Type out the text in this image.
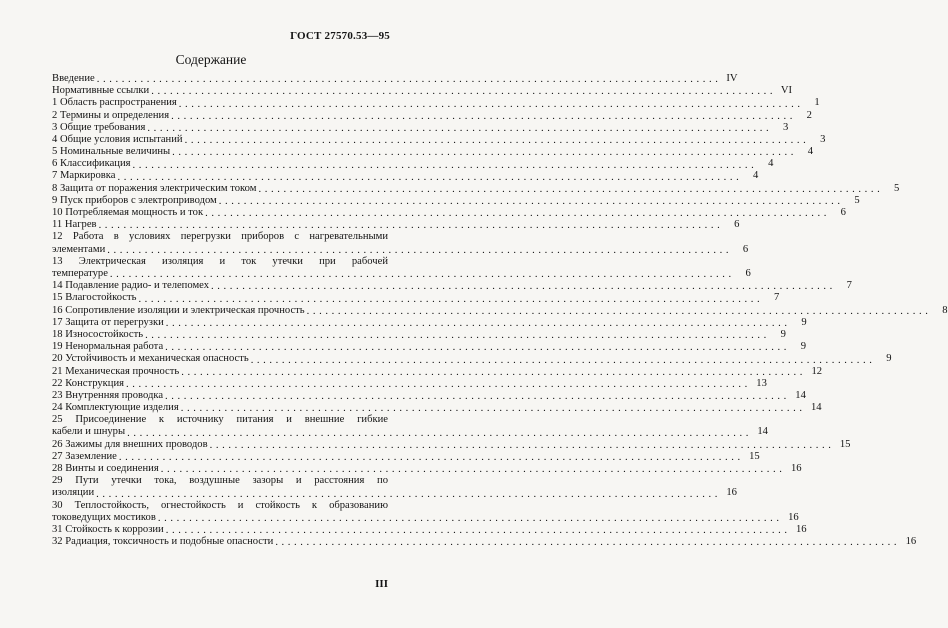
ГОСТ 27570.53—95
Содержание
Введение .................................................................................................... IV
Нормативные ссылки .................................................................................................... VI
1 Область распространения ....................................................................................................	1
2 Термины и определения ....................................................................................................	2
3 Общие требования ....................................................................................................	3
4 Общие условия испытаний ....................................................................................................	3
5 Номинальные величины ....................................................................................................	4
6 Классификация ....................................................................................................	4
7 Маркировка ....................................................................................................	4
8 Защита от поражения электрическим током ....................................................................................................	5
9 Пуск приборов с электроприводом ....................................................................................................	5
10 Потребляемая мощность и ток ....................................................................................................	6
11 Нагрев ....................................................................................................	6
12 Работа в условиях перегрузки приборов с нагревательными
элементами ....................................................................................................	6
13 Электрическая изоляция и ток утечки при рабочей
температуре ....................................................................................................	6
14 Подавление радио- и телепомех ....................................................................................................	7
15 Влагостойкость ....................................................................................................	7
16 Сопротивление изоляции и электрическая прочность ....................................................................................................	8
17 Защита от перегрузки ....................................................................................................	9
18 Износостойкость ....................................................................................................	9
19 Ненормальная работа ....................................................................................................	9
20 Устойчивость и механическая опасность ....................................................................................................	9
21 Механическая прочность .................................................................................................... 12
22 Конструкция .................................................................................................... 13
23 Внутренняя проводка .................................................................................................... 14
24 Комплектующие изделия .................................................................................................... 14
25 Присоединение к источнику питания и внешние гибкие
кабели и шнуры .................................................................................................... 14
26 Зажимы для внешних проводов .................................................................................................... 15
27 Заземление .................................................................................................... 15
28 Винты и соединения .................................................................................................... 16
29 Пути утечки тока, воздушные зазоры и расстояния по
изоляции .................................................................................................... 16
30 Теплостойкость, огнестойкость и стойкость к образованию
токоведущих мостиков .................................................................................................... 16
31 Стойкость к коррозии .................................................................................................... 16
32 Радиация, токсичность и подобные опасности .................................................................................................... 16
III
